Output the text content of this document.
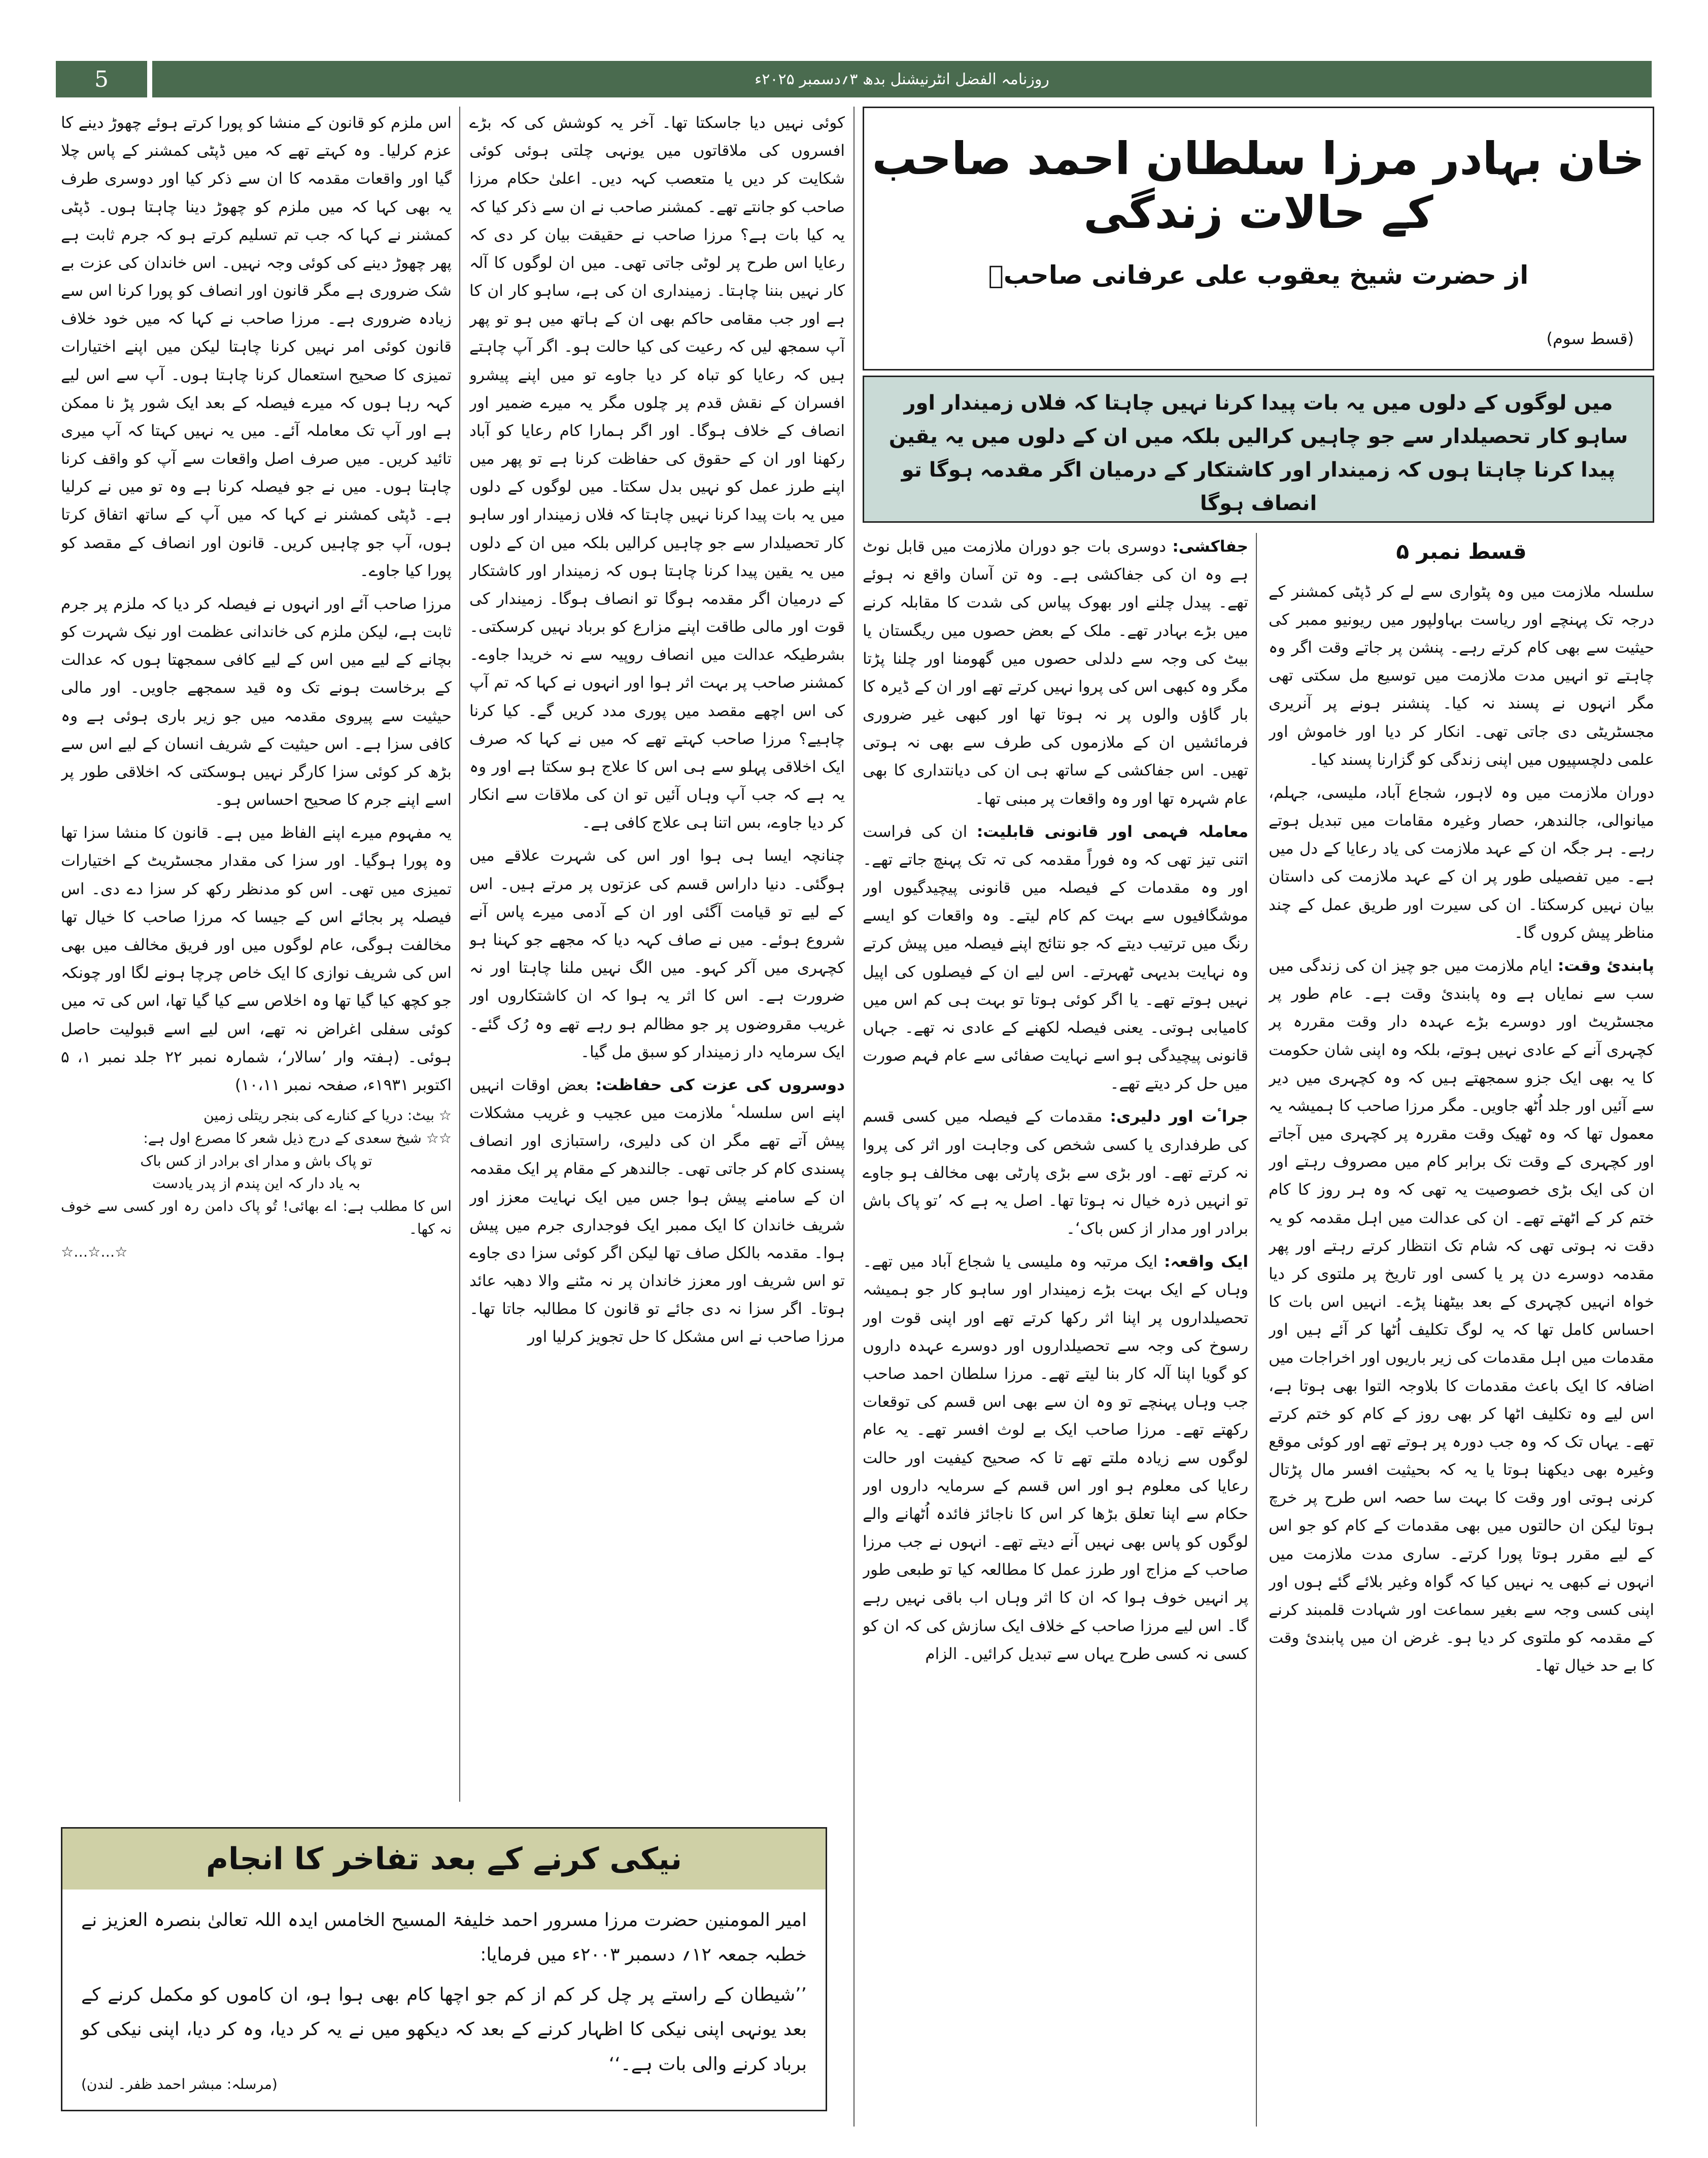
5	روزنامہ الفضل انٹرنیشنل بدھ ۳؍دسمبر ۲۰۲۵ء
خان بہادر مرزا سلطان احمد صاحب کے حالات زندگی
از حضرت شیخ یعقوب علی عرفانی صاحبؓ
(قسط سوم)
میں لوگوں کے دلوں میں یہ بات پیدا کرنا نہیں چاہتا کہ فلاں زمیندار اور ساہو کار تحصیلدار سے جو چاہیں کرالیں بلکہ میں ان کے دلوں میں یہ یقین پیدا کرنا چاہتا ہوں کہ زمیندار اور کاشتکار کے درمیان اگر مقدمہ ہوگا تو انصاف ہوگا
قسط نمبر ۵

سلسلہ ملازمت میں وہ پٹواری سے لے کر ڈپٹی کمشنر کے درجہ تک پہنچے اور ریاست بہاولپور میں ریونیو ممبر کی حیثیت سے بھی کام کرتے رہے۔ پنشن پر جاتے وقت اگر وہ چاہتے تو انہیں مدت ملازمت میں توسیع مل سکتی تھی مگر انہوں نے پسند نہ کیا۔ پنشنر ہونے پر آنریری مجسٹریٹی دی جاتی تھی۔ انکار کر دیا اور خاموش اور علمی دلچسپیوں میں اپنی زندگی کو گزارنا پسند کیا۔

دوران ملازمت میں وہ لاہور، شجاع آباد، ملیسی، جہلم، میانوالی، جالندھر، حصار وغیرہ مقامات میں تبدیل ہوتے رہے۔ ہر جگہ ان کے عہد ملازمت کی یاد رعایا کے دل میں ہے۔ میں تفصیلی طور پر ان کے عہد ملازمت کی داستان بیان نہیں کرسکتا۔ ان کی سیرت اور طریق عمل کے چند مناظر پیش کروں گا۔

پابندیٔ وقت: ایام ملازمت میں جو چیز ان کی زندگی میں سب سے نمایاں ہے وہ پابندیٔ وقت ہے۔ عام طور پر مجسٹریٹ اور دوسرے بڑے عہدہ دار وقت مقررہ پر کچہری آنے کے عادی نہیں ہوتے، بلکہ وہ اپنی شان حکومت کا یہ بھی ایک جزو سمجھتے ہیں کہ وہ کچہری میں دیر سے آئیں اور جلد اُٹھ جاویں۔ مگر مرزا صاحب کا ہمیشہ یہ معمول تھا کہ وہ ٹھیک وقت مقررہ پر کچہری میں آجاتے اور کچہری کے وقت تک برابر کام میں مصروف رہتے اور ان کی ایک بڑی خصوصیت یہ تھی کہ وہ ہر روز کا کام ختم کر کے اٹھتے تھے۔ ان کی عدالت میں اہل مقدمہ کو یہ دقت نہ ہوتی تھی کہ شام تک انتظار کرتے رہتے اور پھر مقدمہ دوسرے دن پر یا کسی اور تاریخ پر ملتوی کر دیا خواہ انہیں کچہری کے بعد بیٹھنا پڑے۔ انہیں اس بات کا احساس کامل تھا کہ یہ لوگ تکلیف اُٹھا کر آئے ہیں اور مقدمات میں اہل مقدمات کی زیر باریوں اور اخراجات میں اضافہ کا ایک باعث مقدمات کا بلاوجہ التوا بھی ہوتا ہے، اس لیے وہ تکلیف اٹھا کر بھی روز کے کام کو ختم کرتے تھے۔ یہاں تک کہ وہ جب دورہ پر ہوتے تھے اور کوئی موقع وغیرہ بھی دیکھنا ہوتا یا یہ کہ بحیثیت افسر مال پڑتال کرنی ہوتی اور وقت کا بہت سا حصہ اس طرح پر خرچ ہوتا لیکن ان حالتوں میں بھی مقدمات کے کام کو جو اس کے لیے مقرر ہوتا پورا کرتے۔ ساری مدت ملازمت میں انہوں نے کبھی یہ نہیں کیا کہ گواہ وغیر بلائے گئے ہوں اور اپنی کسی وجہ سے بغیر سماعت اور شہادت قلمبند کرنے کے مقدمہ کو ملتوی کر دیا ہو۔ غرض ان میں پابندیٔ وقت کا بے حد خیال تھا۔

جفاکشی: دوسری بات جو دوران ملازمت میں قابل نوٹ ہے وہ ان کی جفاکشی ہے۔ وہ تن آسان واقع نہ ہوئے تھے۔ پیدل چلنے اور بھوک پیاس کی شدت کا مقابلہ کرنے میں بڑے بہادر تھے۔ ملک کے بعض حصوں میں ریگستان یا بیٹ کی وجہ سے دلدلی حصوں میں گھومنا اور چلنا پڑتا مگر وہ کبھی اس کی پروا نہیں کرتے تھے اور ان کے ڈیرہ کا بار گاؤں والوں پر نہ ہوتا تھا اور کبھی غیر ضروری فرمائشیں ان کے ملازموں کی طرف سے بھی نہ ہوتی تھیں۔ اس جفاکشی کے ساتھ ہی ان کی دیانتداری کا بھی عام شہرہ تھا اور وہ واقعات پر مبنی تھا۔

معاملہ فہمی اور قانونی قابلیت: ان کی فراست اتنی تیز تھی کہ وہ فوراً مقدمہ کی تہ تک پہنچ جاتے تھے۔ اور وہ مقدمات کے فیصلہ میں قانونی پیچیدگیوں اور موشگافیوں سے بہت کم کام لیتے۔ وہ واقعات کو ایسے رنگ میں ترتیب دیتے کہ جو نتائج اپنے فیصلہ میں پیش کرتے وہ نہایت بدیہی ٹھہرتے۔ اس لیے ان کے فیصلوں کی اپیل نہیں ہوتے تھے۔ یا اگر کوئی ہوتا تو بہت ہی کم اس میں کامیابی ہوتی۔ یعنی فیصلہ لکھنے کے عادی نہ تھے۔ جہاں قانونی پیچیدگی ہو اسے نہایت صفائی سے عام فہم صورت میں حل کر دیتے تھے۔

جراٴت اور دلیری: مقدمات کے فیصلہ میں کسی قسم کی طرفداری یا کسی شخص کی وجاہت اور اثر کی پروا نہ کرتے تھے۔ اور بڑی سے بڑی پارٹی بھی مخالف ہو جاوے تو انہیں ذرہ خیال نہ ہوتا تھا۔ اصل یہ ہے کہ ’تو پاک باش برادر اور مدار از کس باک‘۔

ایک واقعہ: ایک مرتبہ وہ ملیسی یا شجاع آباد میں تھے۔ وہاں کے ایک بہت بڑے زمیندار اور ساہو کار جو ہمیشہ تحصیلداروں پر اپنا اثر رکھا کرتے تھے اور اپنی قوت اور رسوخ کی وجہ سے تحصیلداروں اور دوسرے عہدہ داروں کو گویا اپنا آلہ کار بنا لیتے تھے۔ مرزا سلطان احمد صاحب جب وہاں پہنچے تو وہ ان سے بھی اس قسم کی توقعات رکھتے تھے۔ مرزا صاحب ایک بے لوث افسر تھے۔ یہ عام لوگوں سے زیادہ ملتے تھے تا کہ صحیح کیفیت اور حالت رعایا کی معلوم ہو اور اس قسم کے سرمایہ داروں اور حکام سے اپنا تعلق بڑھا کر اس کا ناجائز فائدہ اُٹھانے والے لوگوں کو پاس بھی نہیں آنے دیتے تھے۔ انہوں نے جب مرزا صاحب کے مزاج اور طرز عمل کا مطالعہ کیا تو طبعی طور پر انہیں خوف ہوا کہ ان کا اثر وہاں اب باقی نہیں رہے گا۔ اس لیے مرزا صاحب کے خلاف ایک سازش کی کہ ان کو کسی نہ کسی طرح یہاں سے تبدیل کرائیں۔ الزام

کوئی نہیں دیا جاسکتا تھا۔ آخر یہ کوشش کی کہ بڑے افسروں کی ملاقاتوں میں یونہی چلتی ہوئی کوئی شکایت کر دیں یا متعصب کہہ دیں۔ اعلیٰ حکام مرزا صاحب کو جانتے تھے۔ کمشنر صاحب نے ان سے ذکر کیا کہ یہ کیا بات ہے؟ مرزا صاحب نے حقیقت بیان کر دی کہ رعایا اس طرح پر لوٹی جاتی تھی۔ میں ان لوگوں کا آلہ کار نہیں بننا چاہتا۔ زمینداری ان کی ہے، ساہو کار ان کا ہے اور جب مقامی حاکم بھی ان کے ہاتھ میں ہو تو پھر آپ سمجھ لیں کہ رعیت کی کیا حالت ہو۔ اگر آپ چاہتے ہیں کہ رعایا کو تباہ کر دیا جاوے تو میں اپنے پیشرو افسران کے نقش قدم پر چلوں مگر یہ میرے ضمیر اور انصاف کے خلاف ہوگا۔ اور اگر ہمارا کام رعایا کو آباد رکھنا اور ان کے حقوق کی حفاظت کرنا ہے تو پھر میں اپنے طرز عمل کو نہیں بدل سکتا۔ میں لوگوں کے دلوں میں یہ بات پیدا کرنا نہیں چاہتا کہ فلاں زمیندار اور ساہو کار تحصیلدار سے جو چاہیں کرالیں بلکہ میں ان کے دلوں میں یہ یقین پیدا کرنا چاہتا ہوں کہ زمیندار اور کاشتکار کے درمیان اگر مقدمہ ہوگا تو انصاف ہوگا۔ زمیندار کی قوت اور مالی طاقت اپنے مزارع کو برباد نہیں کرسکتی۔ بشرطیکہ عدالت میں انصاف روپیہ سے نہ خریدا جاوے۔ کمشنر صاحب پر بہت اثر ہوا اور انہوں نے کہا کہ تم آپ کی اس اچھے مقصد میں پوری مدد کریں گے۔ کیا کرنا چاہیے؟ مرزا صاحب کہتے تھے کہ میں نے کہا کہ صرف ایک اخلاقی پہلو سے ہی اس کا علاج ہو سکتا ہے اور وہ یہ ہے کہ جب آپ وہاں آئیں تو ان کی ملاقات سے انکار کر دیا جاوے، بس اتنا ہی علاج کافی ہے۔

چنانچہ ایسا ہی ہوا اور اس کی شہرت علاقے میں ہوگئی۔ دنیا داراس قسم کی عزتوں پر مرتے ہیں۔ اس کے لیے تو قیامت آگئی اور ان کے آدمی میرے پاس آنے شروع ہوئے۔ میں نے صاف کہہ دیا کہ مجھے جو کہنا ہو کچہری میں آکر کہو۔ میں الگ نہیں ملنا چاہتا اور نہ ضرورت ہے۔ اس کا اثر یہ ہوا کہ ان کاشتکاروں اور غریب مقروضوں پر جو مظالم ہو رہے تھے وہ رُک گئے۔ ایک سرمایہ دار زمیندار کو سبق مل گیا۔

دوسروں کی عزت کی حفاظت: بعض اوقات انہیں اپنے اس سلسلہٴ ملازمت میں عجیب و غریب مشکلات پیش آتے تھے مگر ان کی دلیری، راستبازی اور انصاف پسندی کام کر جاتی تھی۔ جالندھر کے مقام پر ایک مقدمہ ان کے سامنے پیش ہوا جس میں ایک نہایت معزز اور شریف خاندان کا ایک ممبر ایک فوجداری جرم میں پیش ہوا۔ مقدمہ بالکل صاف تھا لیکن اگر کوئی سزا دی جاوے تو اس شریف اور معزز خاندان پر نہ مٹنے والا دھبہ عائد ہوتا۔ اگر سزا نہ دی جائے تو قانون کا مطالبہ جاتا تھا۔ مرزا صاحب نے اس مشکل کا حل تجویز کرلیا اور

اس ملزم کو قانون کے منشا کو پورا کرتے ہوئے چھوڑ دینے کا عزم کرلیا۔ وہ کہتے تھے کہ میں ڈپٹی کمشنر کے پاس چلا گیا اور واقعات مقدمہ کا ان سے ذکر کیا اور دوسری طرف یہ بھی کہا کہ میں ملزم کو چھوڑ دینا چاہتا ہوں۔ ڈپٹی کمشنر نے کہا کہ جب تم تسلیم کرتے ہو کہ جرم ثابت ہے پھر چھوڑ دینے کی کوئی وجہ نہیں۔ اس خاندان کی عزت بے شک ضروری ہے مگر قانون اور انصاف کو پورا کرنا اس سے زیادہ ضروری ہے۔ مرزا صاحب نے کہا کہ میں خود خلاف قانون کوئی امر نہیں کرنا چاہتا لیکن میں اپنے اختیارات تمیزی کا صحیح استعمال کرنا چاہتا ہوں۔ آپ سے اس لیے کہہ رہا ہوں کہ میرے فیصلہ کے بعد ایک شور پڑ نا ممکن ہے اور آپ تک معاملہ آئے۔ میں یہ نہیں کہتا کہ آپ میری تائید کریں۔ میں صرف اصل واقعات سے آپ کو واقف کرنا چاہتا ہوں۔ میں نے جو فیصلہ کرنا ہے وہ تو میں نے کرلیا ہے۔ ڈپٹی کمشنر نے کہا کہ میں آپ کے ساتھ اتفاق کرتا ہوں، آپ جو چاہیں کریں۔ قانون اور انصاف کے مقصد کو پورا کیا جاوے۔

مرزا صاحب آئے اور انہوں نے فیصلہ کر دیا کہ ملزم پر جرم ثابت ہے، لیکن ملزم کی خاندانی عظمت اور نیک شہرت کو بچانے کے لیے میں اس کے لیے کافی سمجھتا ہوں کہ عدالت کے برخاست ہونے تک وہ قید سمجھے جاویں۔ اور مالی حیثیت سے پیروی مقدمہ میں جو زیر باری ہوئی ہے وہ کافی سزا ہے۔ اس حیثیت کے شریف انسان کے لیے اس سے بڑھ کر کوئی سزا کارگر نہیں ہوسکتی کہ اخلاقی طور پر اسے اپنے جرم کا صحیح احساس ہو۔

یہ مفہوم میرے اپنے الفاظ میں ہے۔ قانون کا منشا سزا تھا وہ پورا ہوگیا۔ اور سزا کی مقدار مجسٹریٹ کے اختیارات تمیزی میں تھی۔ اس کو مدنظر رکھ کر سزا دے دی۔ اس فیصلہ پر بجائے اس کے جیسا کہ مرزا صاحب کا خیال تھا مخالفت ہوگی، عام لوگوں میں اور فریق مخالف میں بھی اس کی شریف نوازی کا ایک خاص چرچا ہونے لگا اور چونکہ جو کچھ کیا گیا تھا وہ اخلاص سے کیا گیا تھا، اس کی تہ میں کوئی سفلی اغراض نہ تھے، اس لیے اسے قبولیت حاصل ہوئی۔ (ہفتہ وار ’سالار‘، شمارہ نمبر ۲۲ جلد نمبر ۱، ۵ اکتوبر ۱۹۳۱ء، صفحہ نمبر ۱۰،۱۱)

☆ بیٹ: دریا کے کنارے کی بنجر ریتلی زمین
☆☆ شیخ سعدی کے درج ذیل شعر کا مصرع اول ہے:
تو پاک باش و مدار ای برادر از کس باک
بہ یاد دار کہ این پندم از پدر یادست
اس کا مطلب ہے: اے بھائی! تُو پاک دامن رہ اور کسی سے خوف نہ کھا۔
☆…☆…☆
نیکی کرنے کے بعد تفاخر کا انجام
امیر المومنین حضرت مرزا مسرور احمد خلیفۃ المسیح الخامس ایدہ اللہ تعالیٰ بنصرہ العزیز نے خطبہ جمعہ ۱۲؍ دسمبر ۲۰۰۳ء میں فرمایا:
’’شیطان کے راستے پر چل کر کم از کم جو اچھا کام بھی ہوا ہو، ان کاموں کو مکمل کرنے کے بعد یونہی اپنی نیکی کا اظہار کرنے کے بعد کہ دیکھو میں نے یہ کر دیا، وہ کر دیا، اپنی نیکی کو برباد کرنے والی بات ہے۔‘‘
(مرسلہ: مبشر احمد ظفر۔ لندن)
